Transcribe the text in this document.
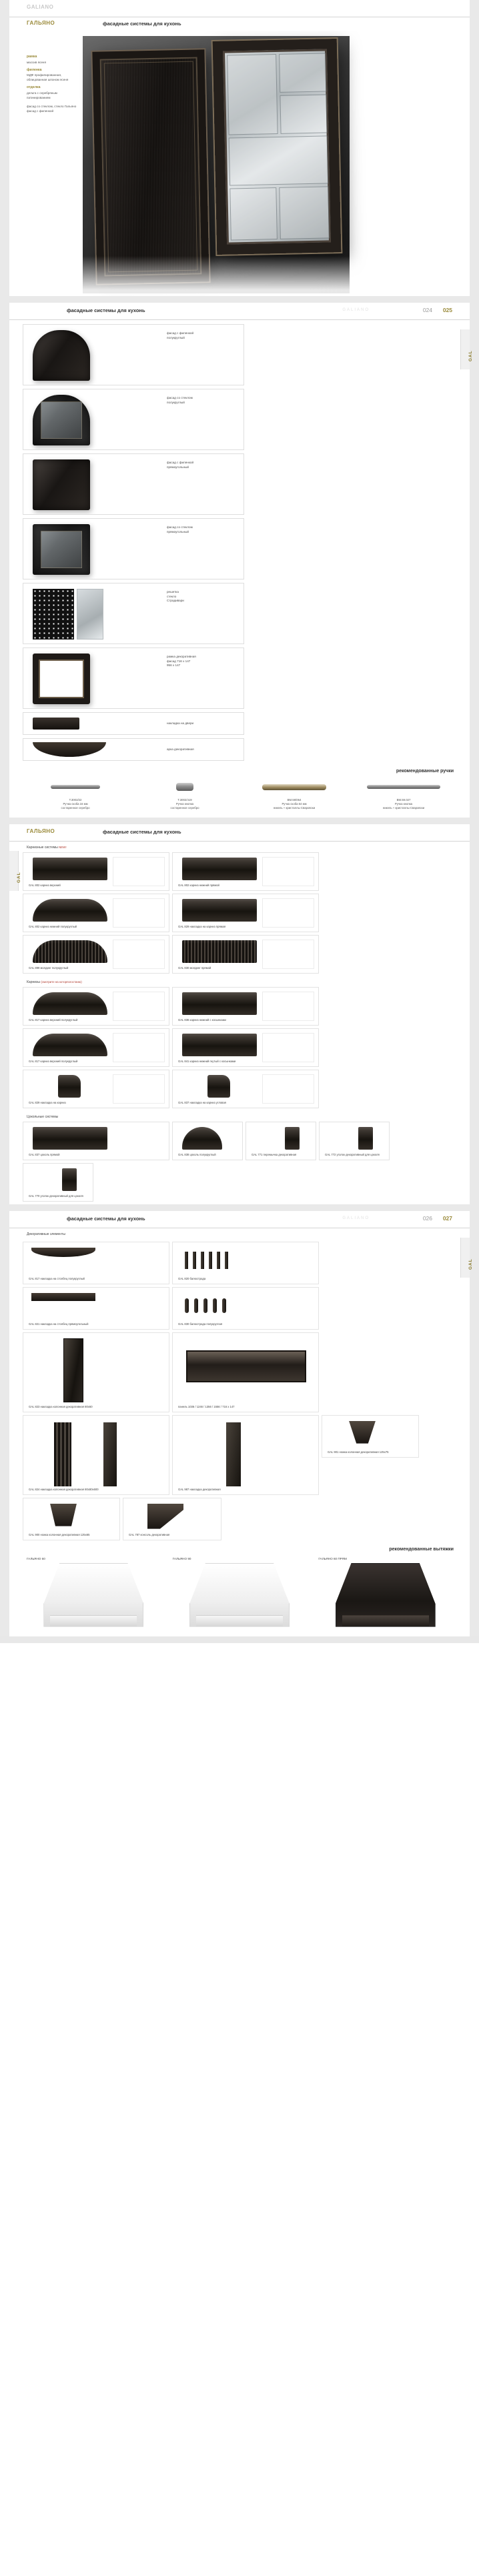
GALIANO
ГАЛЬЯНО	фасадные системы для кухонь
рамка
массив ясеня
филенка
МДФ профилированная,
облицованная шпоном ясеня
отделка
дельта с серебряным
патинированием
фасад со стеклом, стекло Гальяно
фасад с филенкой
фасадные системы для кухонь	GALIANO	024 025
GAL
фасад с филенкой
полукруглый
фасад со стеклом
полукруглый
фасад с филенкой
прямоугольный
фасад со стеклом
прямоугольный
решетка
стекло
Страдивари
рамка декоративная
фасад 716 х 147
956 х 147
накладка на двери
арка декоративная
рекомендованные ручки
Т.3002/22
Ручка скоба 16 мм
состаренное серебро
Т.3002/419
Ручка кнопка
состаренное серебро
BM.59/064
Ручка скоба 64 мм
никель + кристаллы Сваровски
BM.59.027
Ручка кнопка
никель + кристаллы Сваровски
ГАЛЬЯНО	фасадные системы для кухонь
GAL
Карнизные системы NEW!
GAL 802 карниз верхний	GAL 802 карниз нижний прямой
GAL 802 карниз нижний полукруглый	GAL 829 накладка на карниз прямая
GAL 899 молдинг полукруглый	GAL 830 молдинг прямой
Карнизы (смотрите на которпогостаню)
GAL 817 карниз верхний полукруглый	GAL 836 карниз нижний с косынками
GAL 817 карниз верхний полукруглый	GAL 841 карниз нижний гнутый с косынками
GAL 829 накладка на карниз	GAL 837 накладка на карниз угловая
Цокольные системы
GAL 837 цоколь прямой	GAL 838 цоколь полукруглый	GAL 771 перемычка декоративная	GAL 772 уголок декоративный для цоколя
GAL 770 уголок декоративный для цоколя
фасадные системы для кухонь	GALIANO	026 027
GAL
Декоративные элементы
GAL 817 накладка на столбец полукруглый	GAL 820 балюстрада
GAL 821 накладка на столбец прямоугольный	GAL 830 балюстрада полукруглая
GAL 823 накладка колонная декоративная 80х60	панель 1036 / 1246 / 1356 / 1556 / 716 х 147
GAL 824 накладка колонная декоративная 80х80х600	GAL 987 накладка декоративная
GAL 901 ножка колонная декоративная 125х75
GAL 900 ножка колонная декоративная 125х65	GAL 787 консоль декоративная
рекомендованные вытяжки
ГАЛЬЯНО 60	ГАЛЬЯНО 90	ГАЛЬЯНО 60 ПРЯМ
